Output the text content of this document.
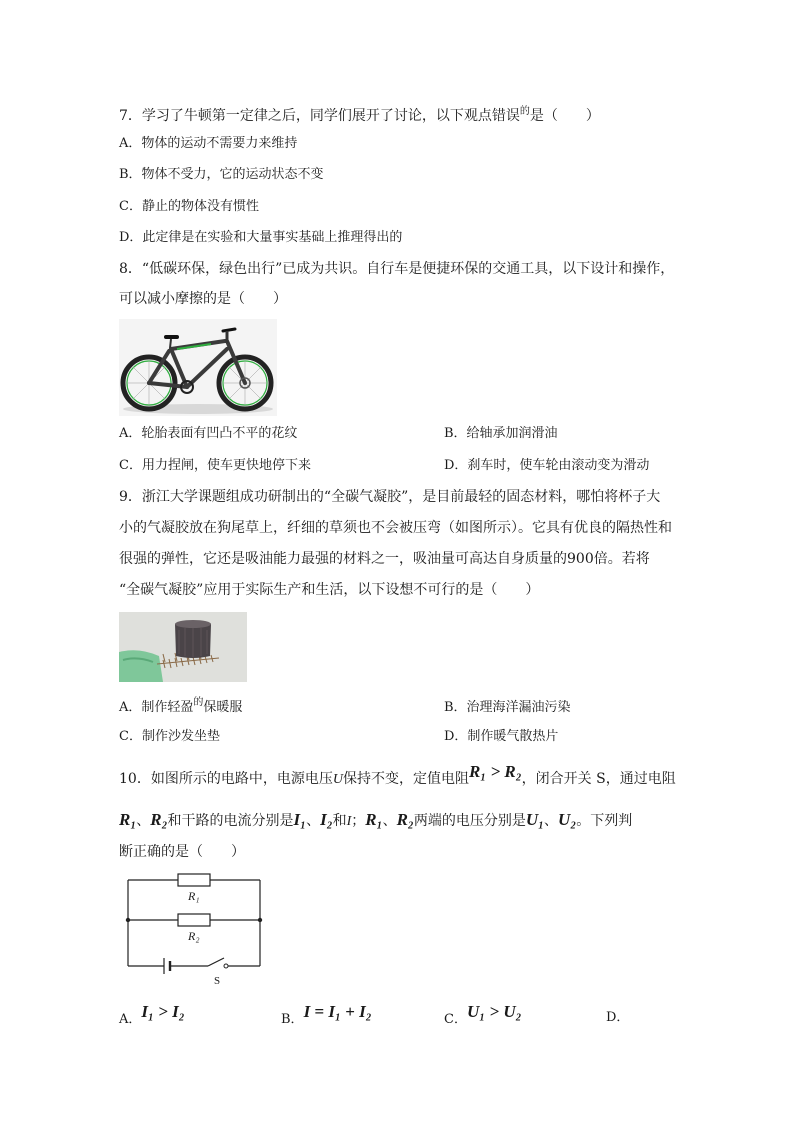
7．学习了牛顿第一定律之后，同学们展开了讨论，以下观点错误$^的$是（　　）
A．物体的运动不需要力来维持
B．物体不受力，它的运动状态不变
C．静止的物体没有惯性
D．此定律是在实验和大量事实基础上推理得出的
8．“低碳环保，绿色出行”已成为共识。自行车是便捷环保的交通工具，以下设计和操作，
可以减小摩擦的是（　　）
A．轮胎表面有凹凸不平的花纹	B．给轴承加润滑油
C．用力捏闸，使车更快地停下来	D．刹车时，使车轮由滚动变为滑动
9．浙江大学课题组成功研制出的“全碳气凝胶”，是目前最轻的固态材料，哪怕将杯子大
小的气凝胶放在狗尾草上，纤细的草须也不会被压弯（如图所示）。它具有优良的隔热性和
很强的弹性，它还是吸油能力最强的材料之一，吸油量可高达自身质量的900倍。若将
“全碳气凝胶”应用于实际生产和生活，以下设想不可行的是（　　）
A．制作轻盈$^的$保暖服	B．治理海洋漏油污染
C．制作沙发坐垫	D．制作暖气散热片
10．如图所示的电路中，电源电压U保持不变，定值电阻R₁ > R₂，闭合开关 S，通过电阻
R₁、R₂和干路的电流分别是I₁、I₂和I；R₁、R₂两端的电压分别是U₁、U₂。下列判
断正确的是（　　）
R₁
R₂
S
A．I₁ > I₂	B．I = I₁ + I₂	C．U₁ > U₂	D．
